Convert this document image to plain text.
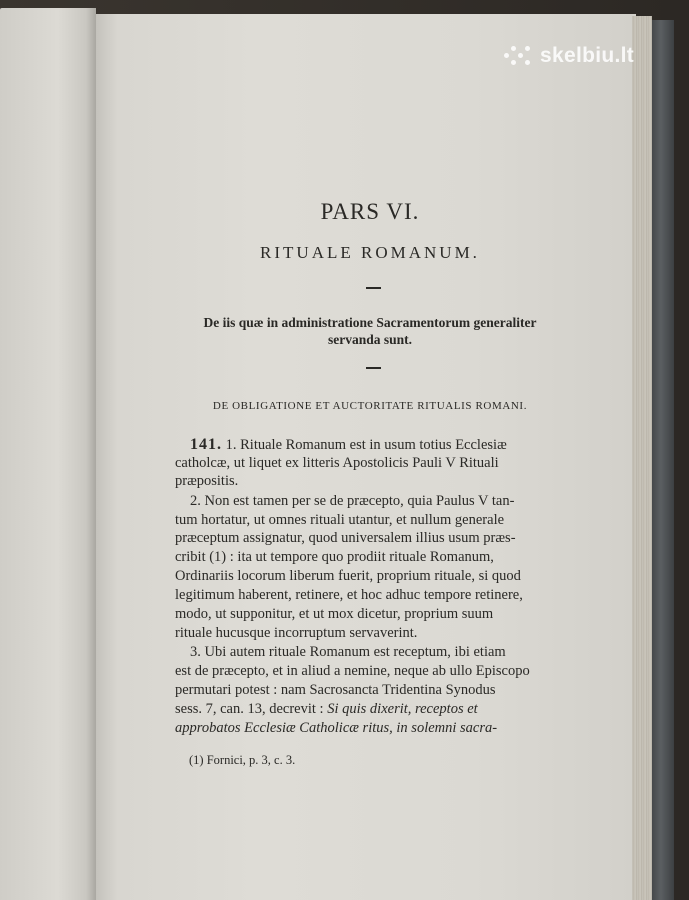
skelbiu.lt
PARS VI.
RITUALE ROMANUM.
De iis quæ in administratione Sacramentorum generaliter
servanda sunt.
DE OBLIGATIONE ET AUCTORITATE RITUALIS ROMANI.
141. 1. Rituale Romanum est in usum totius Ecclesiæ
catholcæ, ut liquet ex litteris Apostolicis Pauli V Rituali
præpositis.
2. Non est tamen per se de præcepto, quia Paulus V tan-
tum hortatur, ut omnes rituali utantur, et nullum generale
præceptum assignatur, quod universalem illius usum præs-
cribit (1) : ita ut tempore quo prodiit rituale Romanum,
Ordinariis locorum liberum fuerit, proprium rituale, si quod
legitimum haberent, retinere, et hoc adhuc tempore retinere,
modo, ut supponitur, et ut mox dicetur, proprium suum
rituale hucusque incorruptum servaverint.
3. Ubi autem rituale Romanum est receptum, ibi etiam
est de præcepto, et in aliud a nemine, neque ab ullo Episcopo
permutari potest : nam Sacrosancta Tridentina Synodus
sess. 7, can. 13, decrevit : Si quis dixerit, receptos et
approbatos Ecclesiæ Catholicæ ritus, in solemni sacra-
(1) Fornici, p. 3, c. 3.
